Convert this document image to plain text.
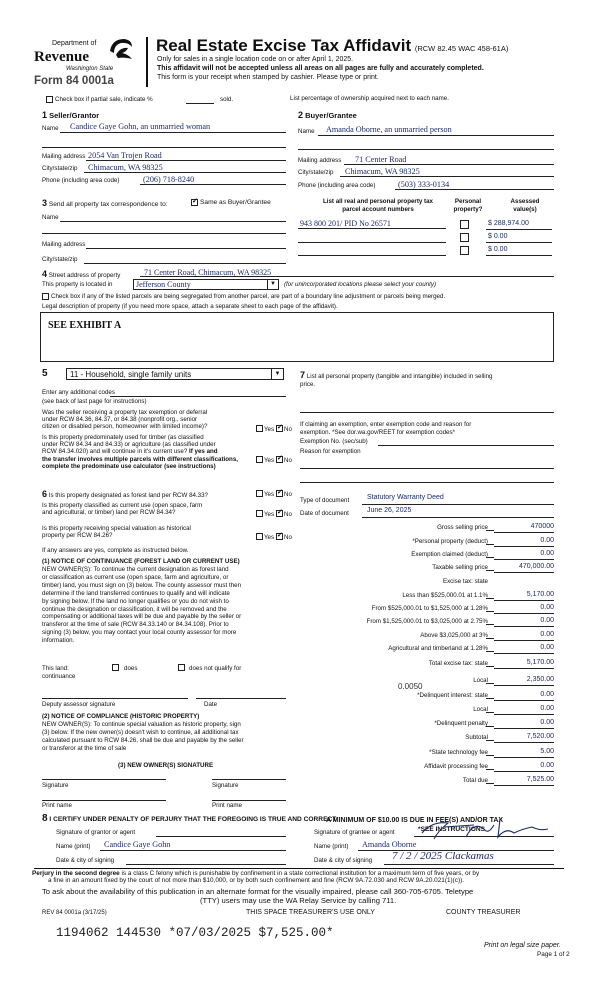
Department of
Revenue
Washington State
Form 84 0001a
Real Estate Excise Tax Affidavit (RCW 82.45 WAC 458-61A)
Only for sales in a single location code on or after April 1, 2025.
This affidavit will not be accepted unless all areas on all pages are fully and accurately completed.
This form is your receipt when stamped by cashier. Please type or print.
Check box if partial sale, indicate %	sold.	List percentage of ownership acquired next to each name.
1 Seller/Grantor
Name Candice Gaye Gohn, an unmarried woman
Mailing address 2054 Van Trojen Road
City/state/zip Chimacum, WA 98325
Phone (including area code)	(206) 718-8240
2 Buyer/Grantee
Name Amanda Oborne, an unmarried person
Mailing address 71 Center Road
City/state/zip Chimacum, WA 98325
Phone (including area code)	(503) 333-0134
3 Send all property tax correspondence to: ✓	Same as Buyer/Grantee
Name
Mailing address
City/state/zip
List all real and personal property tax
parcel account numbers
Personal
property?
Assessed
value(s)
943 800 201/ PID No 26571	$ 288,974.00
$ 0.00
$ 0.00
4 Street address of property	71 Center Road, Chimacum, WA 98325
This property is located in	Jefferson County	▼	(for unincorporated locations please select your county)
Check box if any of the listed parcels are being segregated from another parcel, are part of a boundary line adjustment or parcels being merged.
Legal description of property (if you need more space, attach a separate sheet to each page of the affidavit).
SEE EXHIBIT A
5	11 - Household, single family units	▼
Enter any additional codes
(see back of last page for instructions)
Was the seller receiving a property tax exemption or deferral
under RCW 84.36, 84.37, or 84.38 (nonprofit org., senior
citizen or disabled person, homeowner with limited income)?	Yes ✓ No
Is this property predominately used for timber (as classified
under RCW 84.34 and 84.33) or agriculture (as classified under
RCW 84.34.020) and will continue in it's current use? If yes and
the transfer involves multiple parcels with different classifications,
complete the predominate use calculator (see instructions)
Yes ✓ No
6 Is this property designated as forest land per RCW 84.33?	Yes ✓ No
Is this property classified as current use (open space, farm
and agricultural, or timber) land per RCW 84.34?	Yes ✓ No
Is this property receiving special valuation as historical
property per RCW 84.26?	Yes ✓ No
If any answers are yes, complete as instructed below.
(1) NOTICE OF CONTINUANCE (FOREST LAND OR CURRENT USE)
NEW OWNER(S): To continue the current designation as forest land
or classification as current use (open space, farm and agriculture, or
timber) land, you must sign on (3) below. The county assessor must then
determine if the land transferred continues to qualify and will indicate
by signing below. If the land no longer qualifies or you do not wish to
continue the designation or classification, it will be removed and the
compensating or additional taxes will be due and payable by the seller or
transferor at the time of sale (RCW 84.33.140 or 84.34.108). Prior to
signing (3) below, you may contact your local county assessor for more
information.
This land:	does	does not qualify for
continuance
Deputy assessor signature	Date
(2) NOTICE OF COMPLIANCE (HISTORIC PROPERTY)
NEW OWNER(S): To continue special valuation as historic property, sign
(3) below. If the new owner(s) doesn't wish to continue, all additional tax
calculated pursuant to RCW 84.26, shall be due and payable by the seller
or transferor at the time of sale
(3) NEW OWNER(S) SIGNATURE
Signature	Signature
Print name	Print name
7 List all personal property (tangible and intangible) included in selling
price.
If claiming an exemption, enter exemption code and reason for
exemption. *See dor.wa.gov/REET for exemption codes*
Exemption No. (sec/sub)
Reason for exemption
Type of document	Statutory Warranty Deed
Date of document	June 26, 2025
Gross selling price	470000
*Personal property (deduct)	0.00
Exemption claimed (deduct)	0.00
Taxable selling price	470,000.00
Excise tax: state
Less than $525,000.01 at 1.1%	5,170.00
From $525,000.01 to $1,525,000 at 1.28%	0.00
From $1,525,000.01 to $3,025,000 at 2.75%	0.00
Above $3,025,000 at 3%	0.00
Agricultural and timberland at 1.28%	0.00
Total excise tax: state	5,170.00
Local	2,350.00
*Delinquent interest: state	0.00
Local	0.00
*Delinquent penalty	0.00
Subtotal	7,520.00
*State technology fee	5.00
Affidavit processing fee	0.00
Total due	7,525.00
0.0050
A MINIMUM OF $10.00 IS DUE IN FEE(S) AND/OR TAX
*SEE INSTRUCTIONS
8 I CERTIFY UNDER PENALTY OF PERJURY THAT THE FOREGOING IS TRUE AND CORRECT
Signature of grantor or agent
Name (print) Candice Gaye Gohn
Date & city of signing
Signature of grantee or agent
Name (print) Amanda Oborne
Date & city of signing 7 / 2 / 2025 Clackamas
Perjury in the second degree is a class C felony which is punishable by confinement in a state correctional institution for a maximum term of five years, or by
a fine in an amount fixed by the court of not more than $10,000, or by both such confinement and fine (RCW 9A.72.030 and RCW 9A.20.021(1)(c)).
To ask about the availability of this publication in an alternate format for the visually impaired, please call 360-705-6705. Teletype
(TTY) users may use the WA Relay Service by calling 711.
REV 84 0001a (3/17/25)	THIS SPACE TREASURER'S USE ONLY	COUNTY TREASURER
1194062 144530 *07/03/2025 $7,525.00*
Print on legal size paper.
Page 1 of 2
